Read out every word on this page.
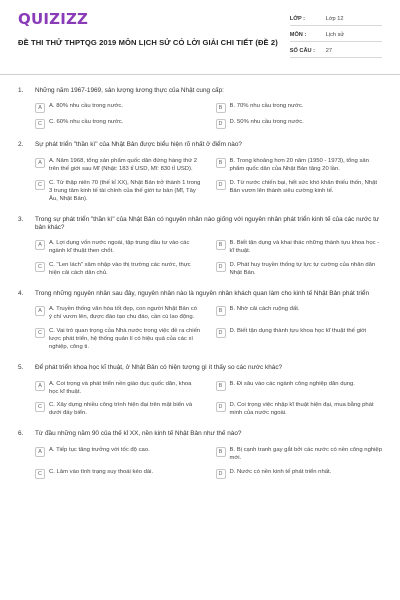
QUIZIZZ
ĐỀ THI THỬ THPTQG 2019 MÔN LỊCH SỬ CÓ LỜI GIẢI CHI TIẾT (ĐỀ 2)
LỚP :	Lớp 12
MÔN :	Lịch sử
SỐ CÂU :	27
1.	Những năm 1967-1969, sản lượng lương thực của Nhật cung cấp:
A	A. 80% nhu cầu trong nước.	B	B. 70% nhu cầu trong nước.
C	C. 60% nhu cầu trong nước.	D	D. 50% nhu cầu trong nước.
2.	Sự phát triển "thần kì" của Nhật Bản được biểu hiện rõ nhất ở điểm nào?
A	A. Năm 1968, tổng sản phẩm quốc dân đứng hàng thứ 2 trên thế giới sau Mĩ (Nhật: 183 tỉ USD, Mĩ: 830 tỉ USD).
B	B. Trong khoảng hơn 20 năm (1950 - 1973), tổng sản phẩm quốc dân của Nhật Bản tăng 20 lần.
C	C. Từ thập niên 70 (thế kỉ XX), Nhật Bản trở thành 1 trong 3 trung tâm kinh tế tài chính của thế giới tư bản (Mĩ, Tây Âu, Nhật Bản).
D	D. Từ nước chiến bại, hết sức khó khăn thiếu thốn, Nhật Bản vươn lên thành siêu cường kinh tế.
3.	Trong sự phát triển "thần kì" của Nhật Bản có nguyên nhân nào giống với nguyên nhân phát triển kinh tế của các nước tư bản khác?
A	A. Lợi dụng vốn nước ngoài, tập trung đầu tư vào các ngành kĩ thuật then chốt.
B	B. Biết tận dụng và khai thác những thành tựu khoa học - kĩ thuật.
C	C. "Len lách" xâm nhập vào thị trường các nước, thực hiện cải cách dân chủ.
D	D. Phát huy truyền thống tự lực tự cường của nhân dân Nhật Bản.
4.	Trong những nguyên nhân sau đây, nguyên nhân nào là nguyên nhân khách quan làm cho kinh tế Nhật Bản phát triển
A	A. Truyền thống văn hóa tốt đẹp, con người Nhật Bản có ý chí vươn lên, được đào tạo chu đáo, cần cù lao động.
B	B. Nhờ cải cách ruộng đất.
C	C. Vai trò quan trọng của Nhà nước trong việc đề ra chiến lược phát triển, hệ thống quản lí có hiệu quả của các xí nghiệp, công ti.
D	D. Biết tận dụng thành tựu khoa học kĩ thuật thế giới
5.	Để phát triển khoa học kĩ thuật, ở Nhật Bản có hiện tượng gì ít thấy so các nước khác?
A	A. Coi trọng và phát triển nền giáo dục quốc dân, khoa học kĩ thuật.
B	B. Đi sâu vào các ngành công nghiệp dân dụng.
C	C. Xây dựng nhiều công trình hiện đại trên mặt biển và dưới đáy biển.
D	D. Coi trọng việc nhập kĩ thuật hiện đại, mua bằng phát minh của nước ngoài.
6.	Từ đầu những năm 90 của thế kỉ XX, nền kinh tế Nhật Bản như thế nào?
A	A. Tiếp tục tăng trưởng với tốc độ cao.	B	B. Bị cạnh tranh gay gắt bởi các nước có nền công nghiệp mới.
C	C. Lâm vào tình trạng suy thoái kéo dài.	D	D. Nước có nền kinh tế phát triển nhất.
